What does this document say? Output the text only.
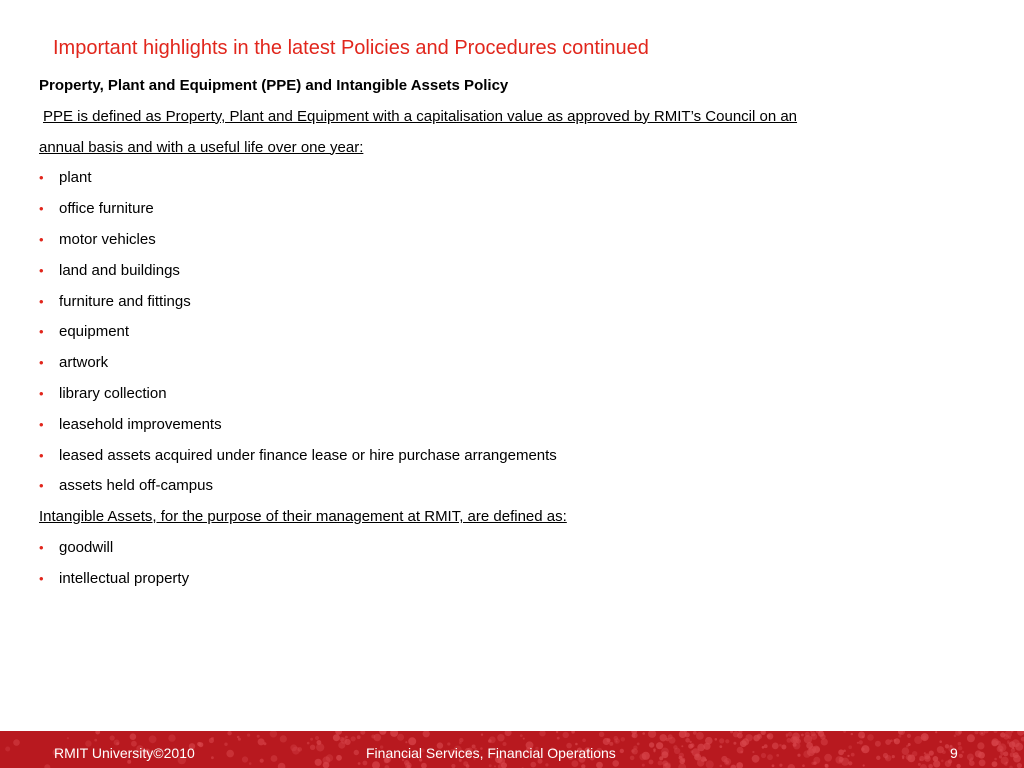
Important highlights in the latest Policies and Procedures continued
Property, Plant and Equipment (PPE) and Intangible Assets Policy
PPE is defined as Property, Plant and Equipment with a capitalisation value as approved by RMIT’s Council on an
annual basis and with a useful life over one year:
• plant
• office furniture
• motor vehicles
• land and buildings
• furniture and fittings
• equipment
• artwork
• library collection
• leasehold improvements
• leased assets acquired under finance lease or hire purchase arrangements
• assets held off-campus
Intangible Assets, for the purpose of their management at RMIT, are defined as:
• goodwill
• intellectual property
RMIT University©2010	Financial Services, Financial Operations	9
